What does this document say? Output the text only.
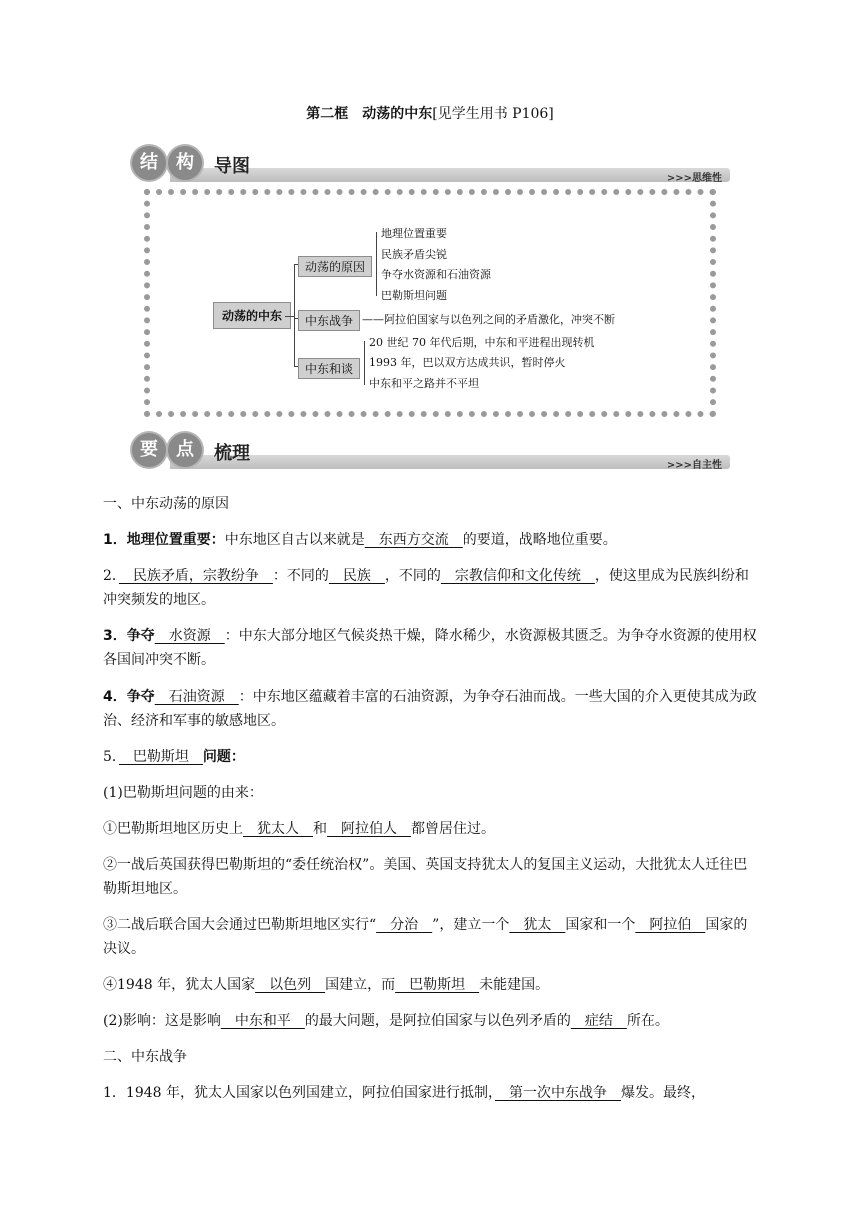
第二框　动荡的中东[见学生用书 P106]
结	构	导图
>>>思维性
动荡的中东
动荡的原因
中东战争
中东和谈
地理位置重要
民族矛盾尖锐
争夺水资源和石油资源
巴勒斯坦问题
——阿拉伯国家与以色列之间的矛盾激化，冲突不断
20 世纪 70 年代后期，中东和平进程出现转机
1993 年，巴以双方达成共识，暂时停火
中东和平之路并不平坦
要	点	梳理
>>>自主性
一、中东动荡的原因
1．地理位置重要：中东地区自古以来就是　东西方交流　的要道，战略地位重要。
2．　民族矛盾，宗教纷争　：不同的　民族　，不同的　宗教信仰和文化传统　，使这里成为民族纠纷和冲突频发的地区。
3．争夺　水资源　：中东大部分地区气候炎热干燥，降水稀少，水资源极其匮乏。为争夺水资源的使用权各国间冲突不断。
4．争夺　石油资源　：中东地区蕴藏着丰富的石油资源，为争夺石油而战。一些大国的介入更使其成为政治、经济和军事的敏感地区。
5．　巴勒斯坦　问题：
(1)巴勒斯坦问题的由来：
①巴勒斯坦地区历史上　犹太人　和　阿拉伯人　都曾居住过。
②一战后英国获得巴勒斯坦的“委任统治权”。美国、英国支持犹太人的复国主义运动，大批犹太人迁往巴勒斯坦地区。
③二战后联合国大会通过巴勒斯坦地区实行“　分治　”，建立一个　犹太　国家和一个　阿拉伯　国家的决议。
④1948 年，犹太人国家　以色列　国建立，而　巴勒斯坦　未能建国。
(2)影响：这是影响　中东和平　的最大问题，是阿拉伯国家与以色列矛盾的　症结　所在。
二、中东战争
1．1948 年，犹太人国家以色列国建立，阿拉伯国家进行抵制，　第一次中东战争　爆发。最终，
